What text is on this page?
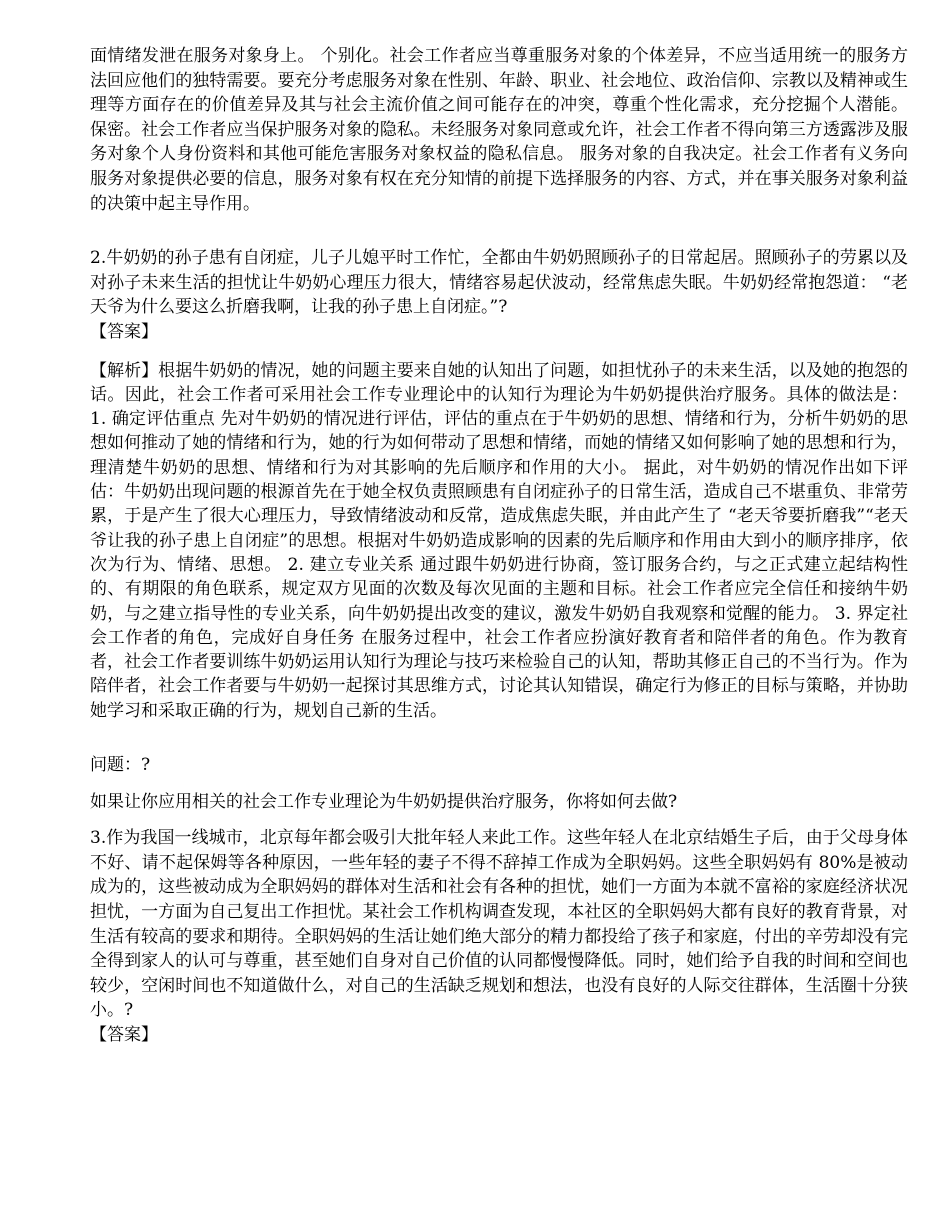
面情绪发泄在服务对象身上。 个别化。社会工作者应当尊重服务对象的个体差异，不应当适用统一的服务方法回应他们的独特需要。要充分考虑服务对象在性别、年龄、职业、社会地位、政治信仰、宗教以及精神或生理等方面存在的价值差异及其与社会主流价值之间可能存在的冲突，尊重个性化需求，充分挖掘个人潜能。 保密。社会工作者应当保护服务对象的隐私。未经服务对象同意或允许，社会工作者不得向第三方透露涉及服务对象个人身份资料和其他可能危害服务对象权益的隐私信息。 服务对象的自我决定。社会工作者有义务向服务对象提供必要的信息，服务对象有权在充分知情的前提下选择服务的内容、方式，并在事关服务对象利益的决策中起主导作用。

2.牛奶奶的孙子患有自闭症，儿子儿媳平时工作忙，全都由牛奶奶照顾孙子的日常起居。照顾孙子的劳累以及对孙子未来生活的担忧让牛奶奶心理压力很大，情绪容易起伏波动，经常焦虑失眠。牛奶奶经常抱怨道： “老天爷为什么要这么折磨我啊，让我的孙子患上自闭症。”?

【答案】

【解析】根据牛奶奶的情况，她的问题主要来自她的认知出了问题，如担忧孙子的未来生活，以及她的抱怨的话。因此，社会工作者可采用社会工作专业理论中的认知行为理论为牛奶奶提供治疗服务。具体的做法是： 1. 确定评估重点 先对牛奶奶的情况进行评估，评估的重点在于牛奶奶的思想、情绪和行为，分析牛奶奶的思想如何推动了她的情绪和行为，她的行为如何带动了思想和情绪，而她的情绪又如何影响了她的思想和行为，理清楚牛奶奶的思想、情绪和行为对其影响的先后顺序和作用的大小。 据此，对牛奶奶的情况作出如下评估：牛奶奶出现问题的根源首先在于她全权负责照顾患有自闭症孙子的日常生活，造成自己不堪重负、非常劳累，于是产生了很大心理压力，导致情绪波动和反常，造成焦虑失眠，并由此产生了 “老天爷要折磨我”“老天爷让我的孙子患上自闭症”的思想。根据对牛奶奶造成影响的因素的先后顺序和作用由大到小的顺序排序，依次为行为、情绪、思想。 2. 建立专业关系 通过跟牛奶奶进行协商，签订服务合约，与之正式建立起结构性的、有期限的角色联系，规定双方见面的次数及每次见面的主题和目标。社会工作者应完全信任和接纳牛奶奶，与之建立指导性的专业关系，向牛奶奶提出改变的建议，激发牛奶奶自我观察和觉醒的能力。 3. 界定社会工作者的角色，完成好自身任务 在服务过程中，社会工作者应扮演好教育者和陪伴者的角色。作为教育者，社会工作者要训练牛奶奶运用认知行为理论与技巧来检验自己的认知，帮助其修正自己的不当行为。作为陪伴者，社会工作者要与牛奶奶一起探讨其思维方式，讨论其认知错误，确定行为修正的目标与策略，并协助她学习和采取正确的行为，规划自己新的生活。

问题：?

如果让你应用相关的社会工作专业理论为牛奶奶提供治疗服务，你将如何去做?

3.作为我国一线城市，北京每年都会吸引大批年轻人来此工作。这些年轻人在北京结婚生子后，由于父母身体不好、请不起保姆等各种原因，一些年轻的妻子不得不辞掉工作成为全职妈妈。这些全职妈妈有 80%是被动成为的，这些被动成为全职妈妈的群体对生活和社会有各种的担忧，她们一方面为本就不富裕的家庭经济状况担忧，一方面为自己复出工作担忧。某社会工作机构调查发现，本社区的全职妈妈大都有良好的教育背景，对生活有较高的要求和期待。全职妈妈的生活让她们绝大部分的精力都投给了孩子和家庭，付出的辛劳却没有完全得到家人的认可与尊重，甚至她们自身对自己价值的认同都慢慢降低。同时，她们给予自我的时间和空间也较少，空闲时间也不知道做什么，对自己的生活缺乏规划和想法，也没有良好的人际交往群体，生活圈十分狭小。?

【答案】
